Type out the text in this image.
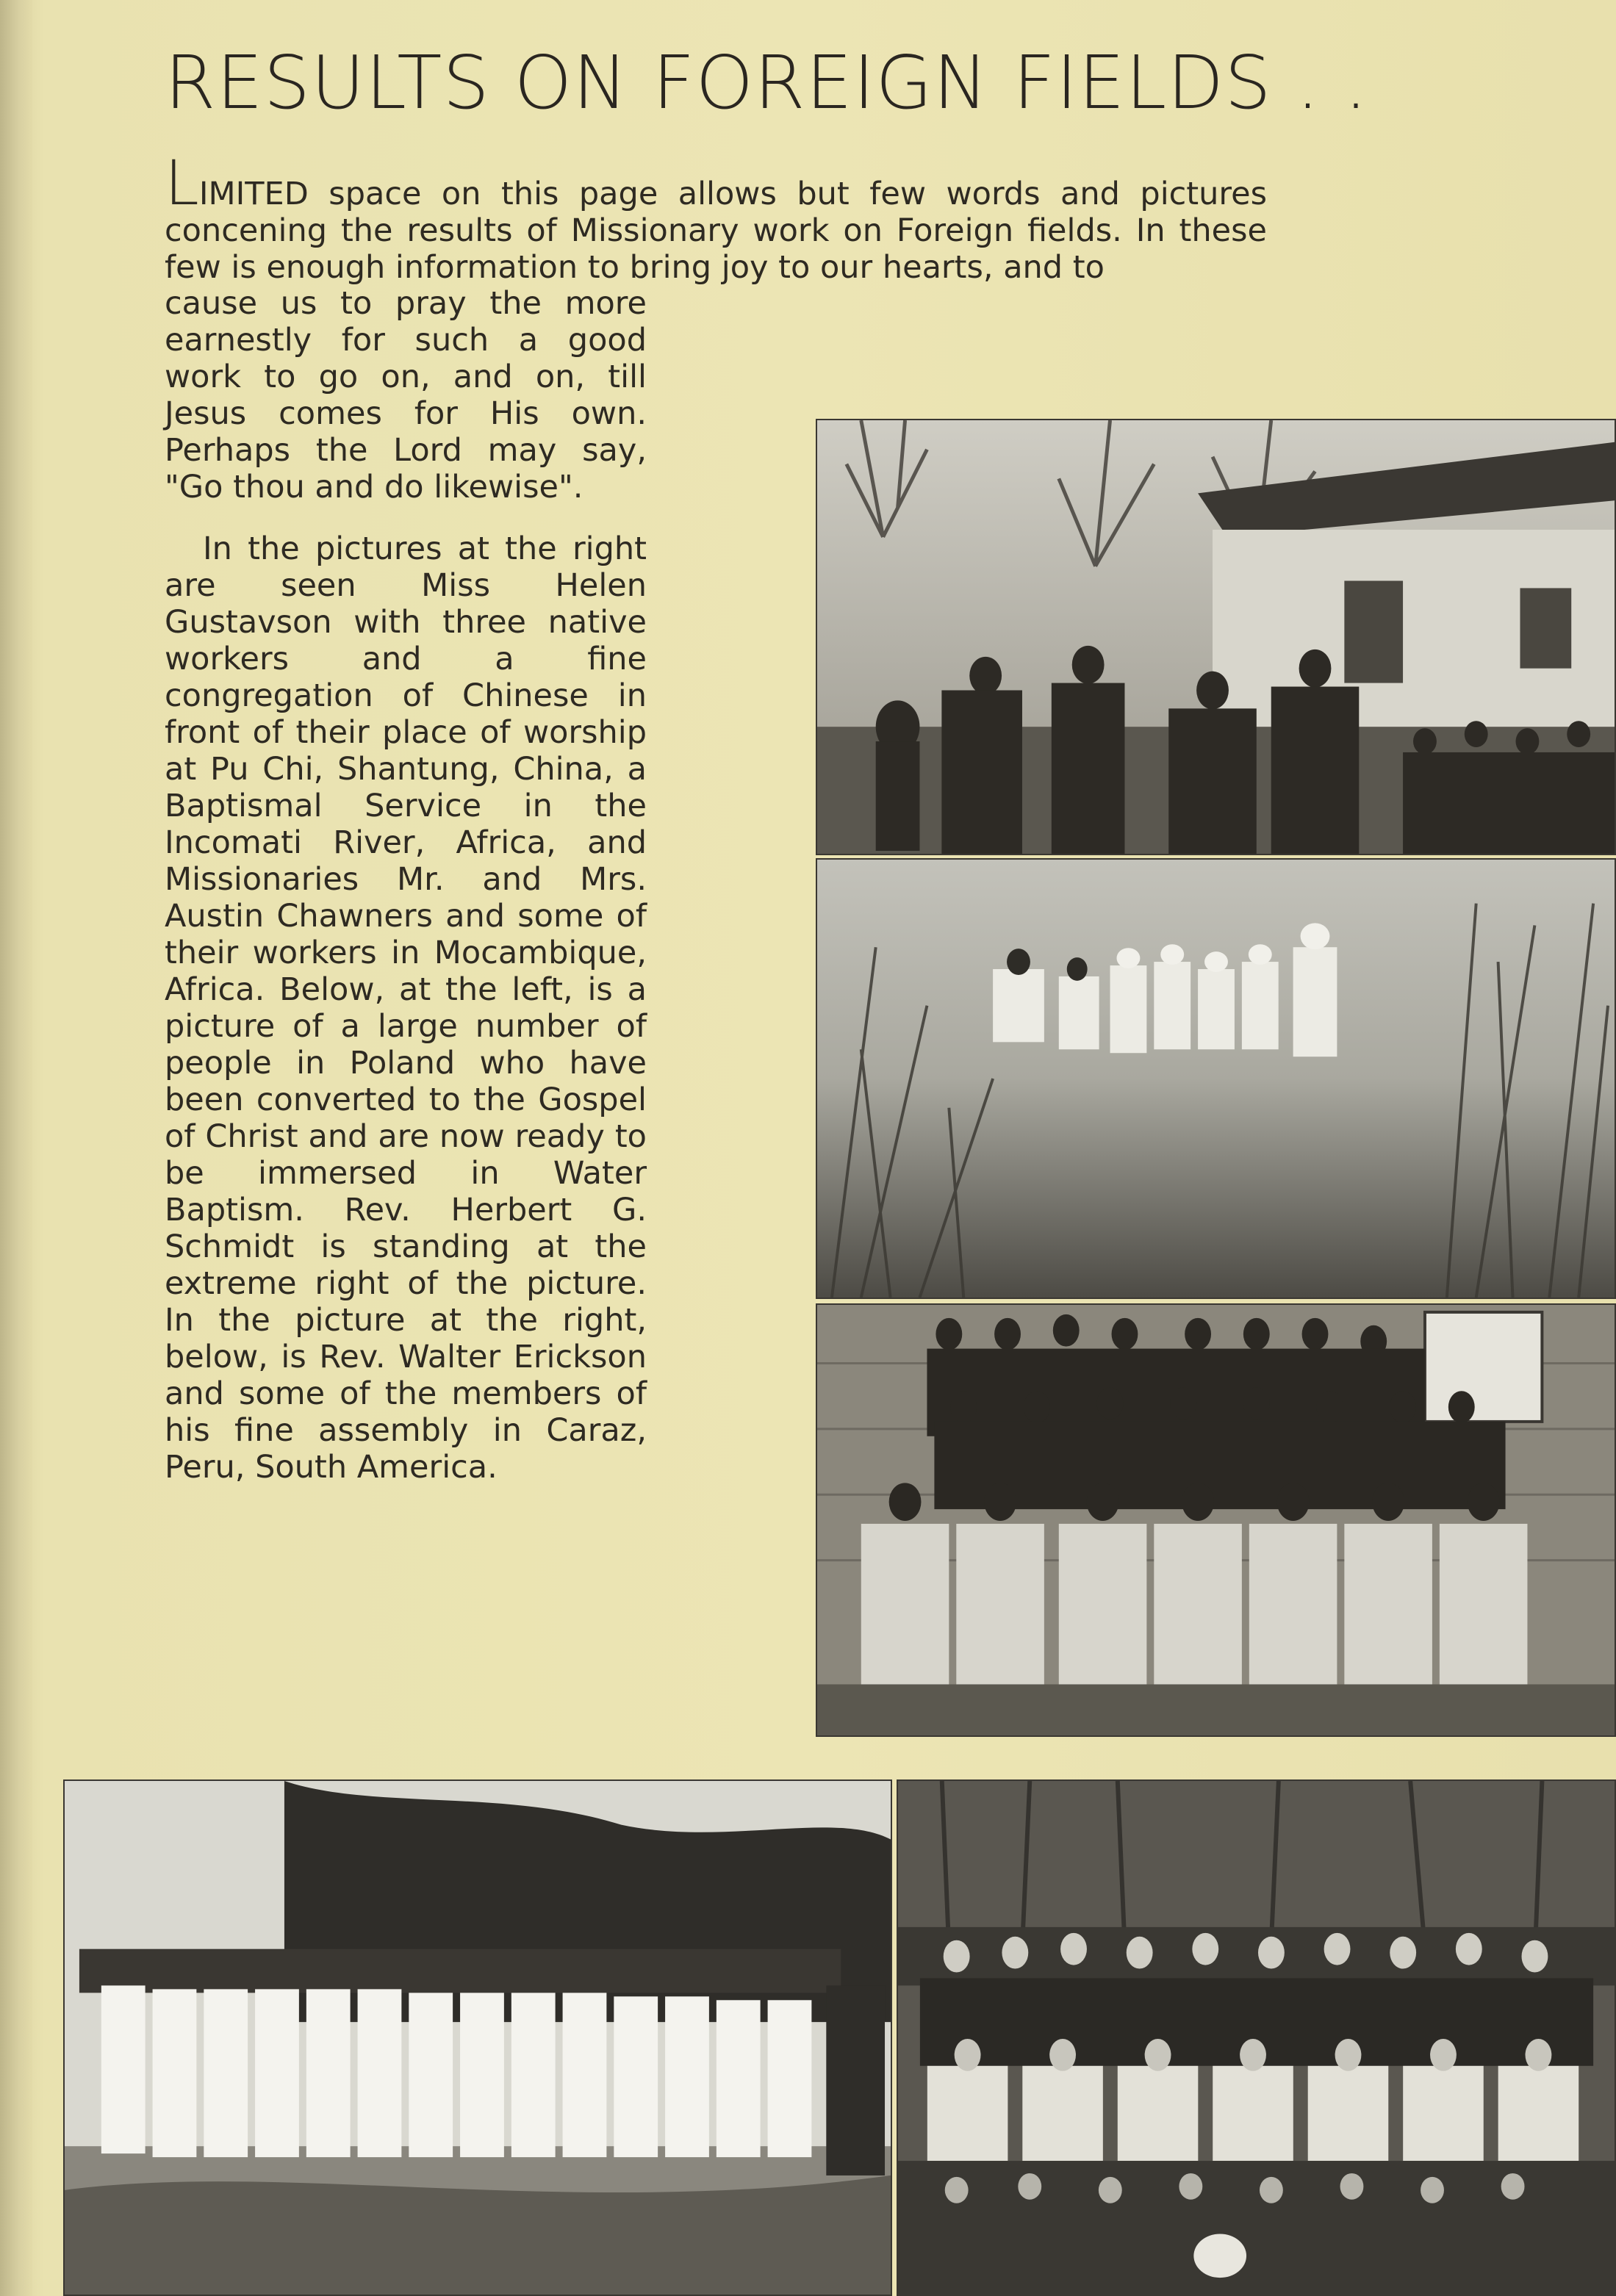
RESULTS ON FOREIGN FIELDS . .
LIMITED space on this page allows but few words and pictures concening the results of Missionary work on Foreign fields. In these few is enough information to bring joy to our hearts, and to

cause us to pray the more earnestly for such a good work to go on, and on, till Jesus comes for His own. Perhaps the Lord may say, "Go thou and do likewise".

In the pictures at the right are seen Miss Helen Gustavson with three native workers and a fine congregation of Chinese in front of their place of worship at Pu Chi, Shantung, China, a Baptismal Service in the Incomati River, Africa, and Missionaries Mr. and Mrs. Austin Chawners and some of their workers in Mocambique, Africa. Below, at the left, is a picture of a large number of people in Poland who have been converted to the Gospel of Christ and are now ready to be immersed in Water Baptism. Rev. Herbert G. Schmidt is standing at the extreme right of the picture. In the picture at the right, below, is Rev. Walter Erickson and some of the members of his fine assembly in Caraz, Peru, South America.
